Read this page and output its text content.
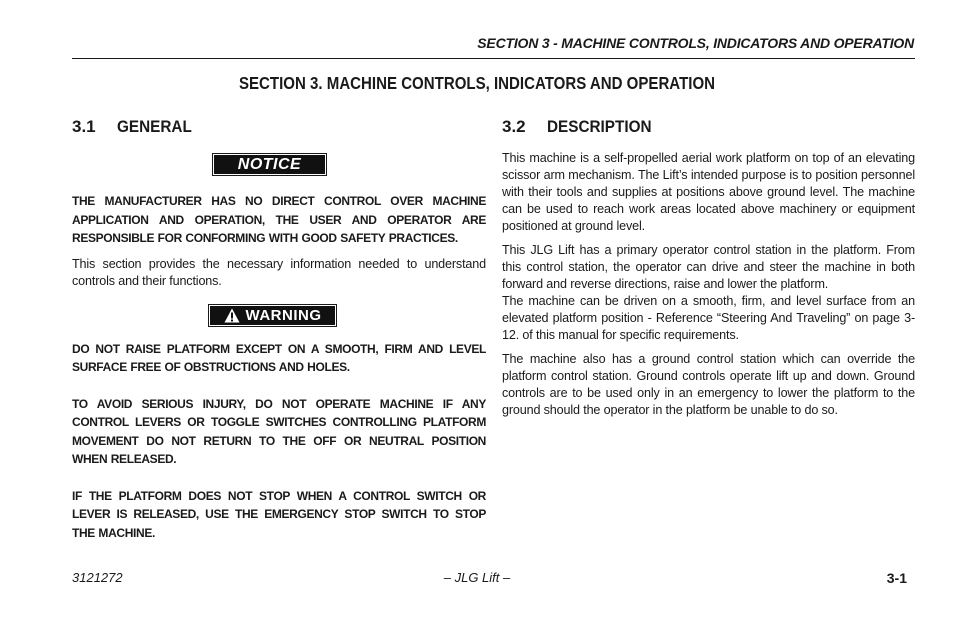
SECTION 3 - MACHINE CONTROLS, INDICATORS AND OPERATION
SECTION 3. MACHINE CONTROLS, INDICATORS AND OPERATION
3.1	GENERAL
NOTICE

THE MANUFACTURER HAS NO DIRECT CONTROL OVER MACHINE APPLICATION AND OPERATION, THE USER AND OPERATOR ARE RESPONSIBLE FOR CONFORMING WITH GOOD SAFETY PRACTICES.

This section provides the necessary information needed to understand controls and their functions.

WARNING

DO NOT RAISE PLATFORM EXCEPT ON A SMOOTH, FIRM AND LEVEL SURFACE FREE OF OBSTRUCTIONS AND HOLES.

TO AVOID SERIOUS INJURY, DO NOT OPERATE MACHINE IF ANY CONTROL LEVERS OR TOGGLE SWITCHES CONTROLLING PLATFORM MOVEMENT DO NOT RETURN TO THE OFF OR NEUTRAL POSITION WHEN RELEASED.

IF THE PLATFORM DOES NOT STOP WHEN A CONTROL SWITCH OR LEVER IS RELEASED, USE THE EMERGENCY STOP SWITCH TO STOP THE MACHINE.

3.2	DESCRIPTION

This machine is a self-propelled aerial work platform on top of an elevating scissor arm mechanism. The Lift’s intended purpose is to position personnel with their tools and supplies at positions above ground level. The machine can be used to reach work areas located above machinery or equipment positioned at ground level.

This JLG Lift has a primary operator control station in the platform. From this control station, the operator can drive and steer the machine in both forward and reverse directions, raise and lower the platform.

The machine can be driven on a smooth, firm, and level surface from an elevated platform position - Reference “Steering And Traveling” on page 3-12. of this manual for specific requirements.

The machine also has a ground control station which can override the platform control station. Ground controls operate lift up and down. Ground controls are to be used only in an emergency to lower the platform to the ground should the operator in the platform be unable to do so.

3121272	– JLG Lift –	3-1
